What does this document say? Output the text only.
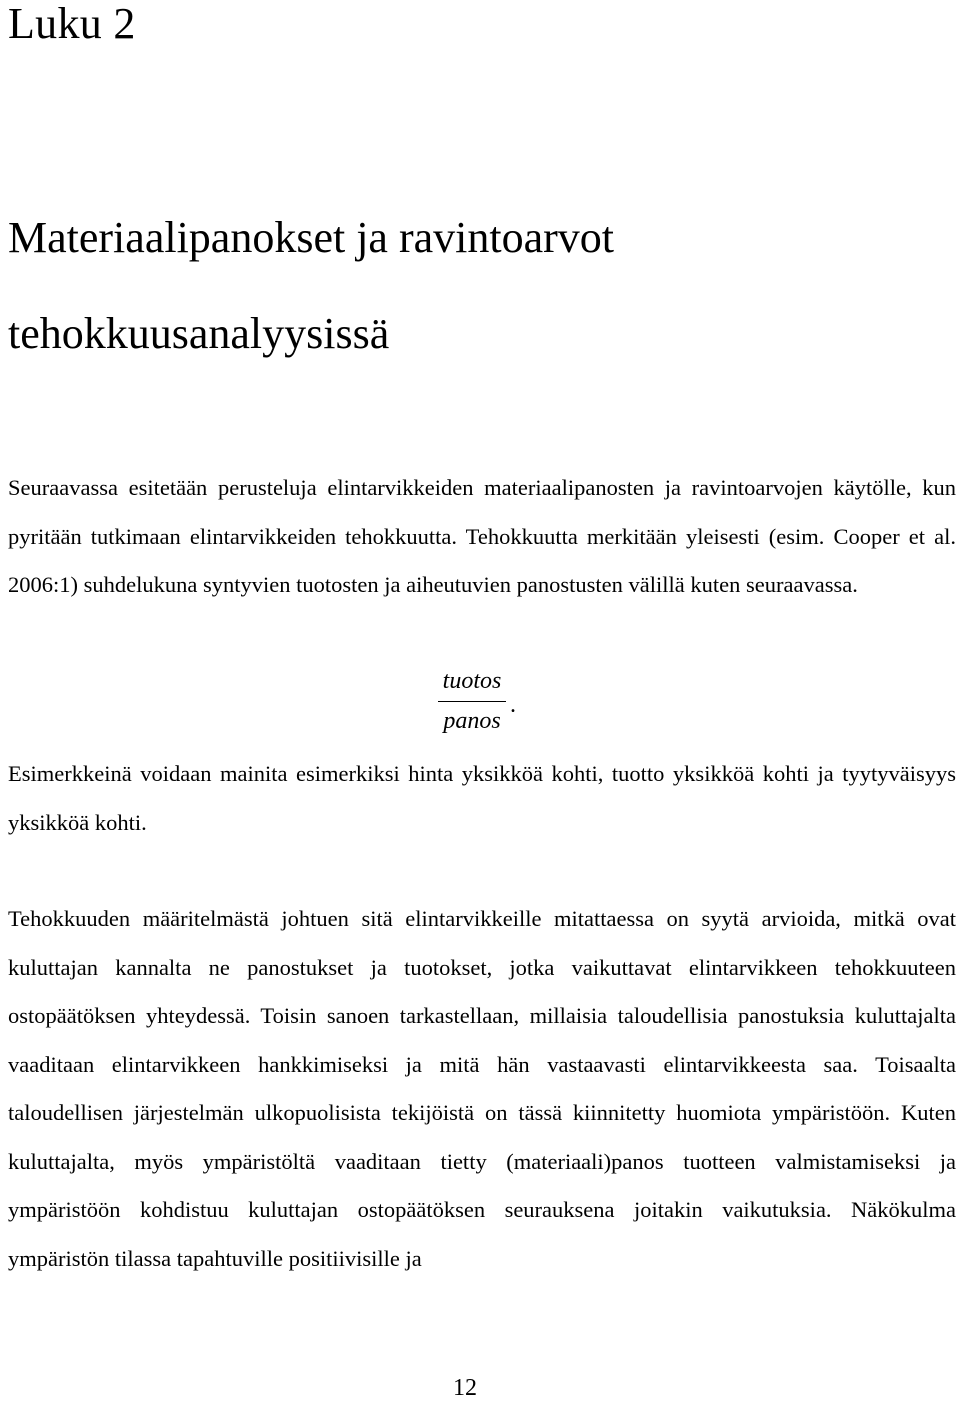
Luku 2
Materiaalipanokset ja ravintoarvot
tehokkuusanalyysissä

Seuraavassa esitetään perusteluja elintarvikkeiden materiaalipanosten ja ravintoarvojen käytölle, kun pyritään tutkimaan elintarvikkeiden tehokkuutta. Tehokkuutta merkitään yleisesti (esim. Cooper et al. 2006:1) suhdelukuna syntyvien tuotosten ja aiheutuvien panostusten välillä kuten seuraavassa.

tuotos
panos
.

Esimerkkeinä voidaan mainita esimerkiksi hinta yksikköä kohti, tuotto yksikköä kohti ja tyytyväisyys yksikköä kohti.

Tehokkuuden määritelmästä johtuen sitä elintarvikkeille mitattaessa on syytä arvioida, mitkä ovat kuluttajan kannalta ne panostukset ja tuotokset, jotka vaikuttavat elintarvikkeen tehokkuuteen ostopäätöksen yhteydessä. Toisin sanoen tarkastellaan, millaisia taloudellisia panostuksia kuluttajalta vaaditaan elintarvikkeen hankkimiseksi ja mitä hän vastaavasti elintarvikkeesta saa. Toisaalta taloudellisen järjestelmän ulkopuolisista tekijöistä on tässä kiinnitetty huomiota ympäristöön. Kuten kuluttajalta, myös ympäristöltä vaaditaan tietty (materiaali)panos tuotteen valmistamiseksi ja ympäristöön kohdistuu kuluttajan ostopäätöksen seurauksena joitakin vaikutuksia. Näkökulma ympäristön tilassa tapahtuville positiivisille ja

12
